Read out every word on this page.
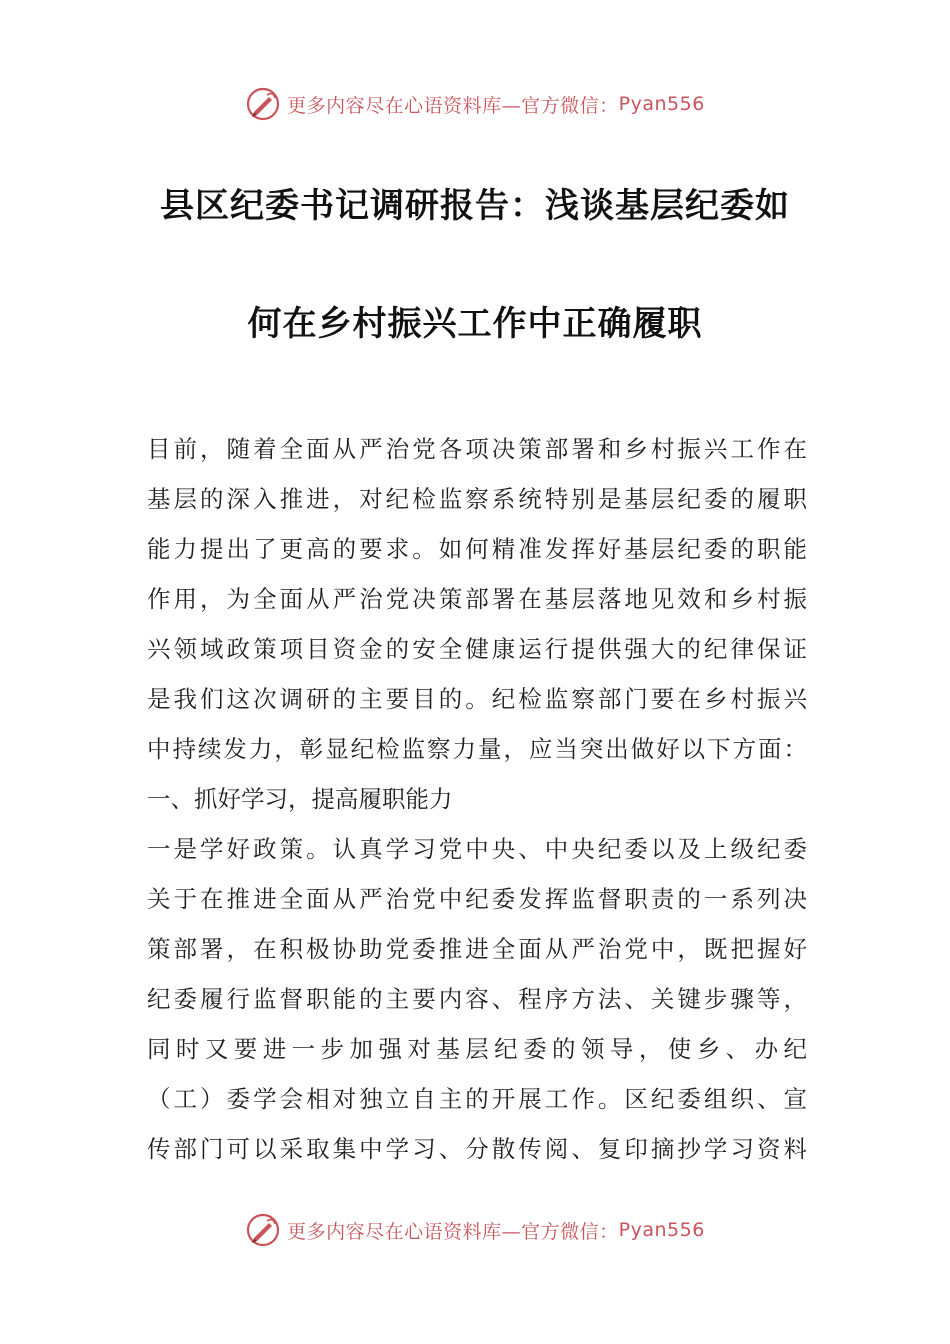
更多内容尽在心语资料库—官方微信： Pyan556
县区纪委书记调研报告：浅谈基层纪委如
何在乡村振兴工作中正确履职
目前，随着全面从严治党各项决策部署和乡村振兴工作在
基层的深入推进，对纪检监察系统特别是基层纪委的履职
能力提出了更高的要求。如何精准发挥好基层纪委的职能
作用，为全面从严治党决策部署在基层落地见效和乡村振
兴领域政策项目资金的安全健康运行提供强大的纪律保证
是我们这次调研的主要目的。纪检监察部门要在乡村振兴
中持续发力，彰显纪检监察力量，应当突出做好以下方面：
一、抓好学习，提高履职能力
一是学好政策。认真学习党中央、中央纪委以及上级纪委
关于在推进全面从严治党中纪委发挥监督职责的一系列决
策部署，在积极协助党委推进全面从严治党中，既把握好
纪委履行监督职能的主要内容、程序方法、关键步骤等，
同时又要进一步加强对基层纪委的领导，使乡、办纪
（工）委学会相对独立自主的开展工作。区纪委组织、宣
传部门可以采取集中学习、分散传阅、复印摘抄学习资料
更多内容尽在心语资料库—官方微信： Pyan556
